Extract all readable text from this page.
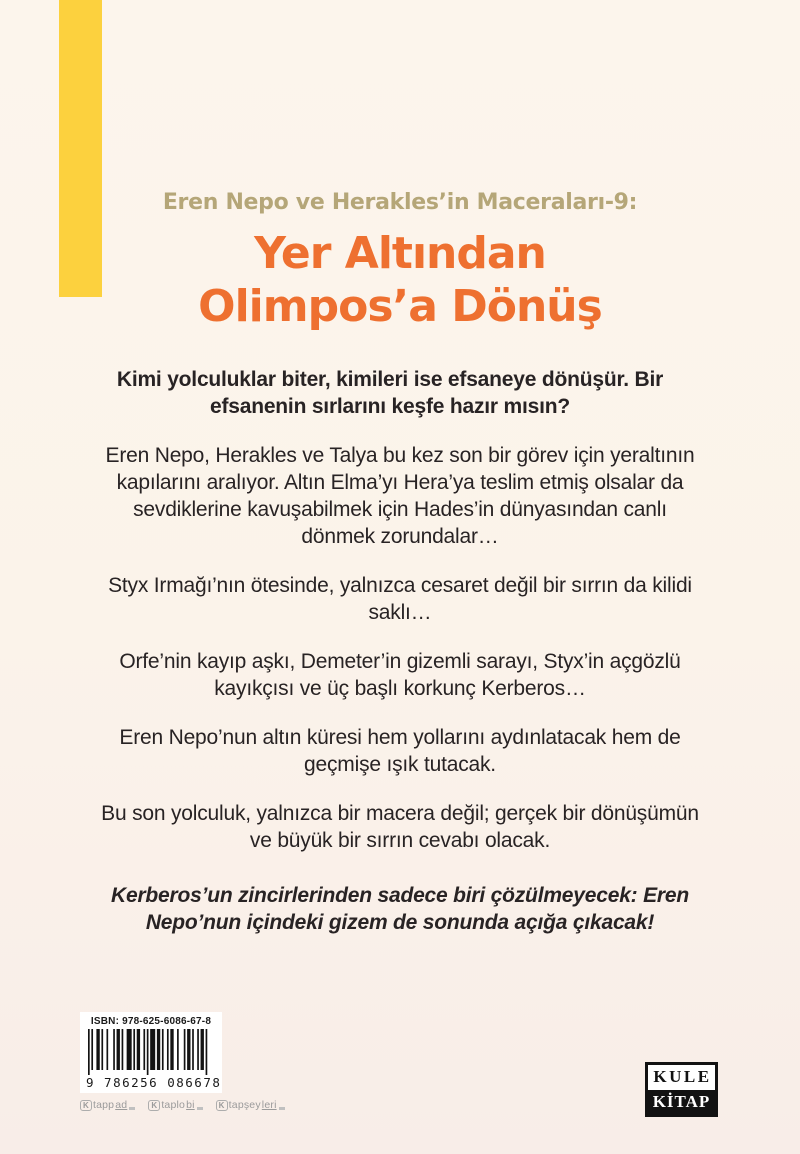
Eren Nepo ve Herakles’in Maceraları-9:
Yer Altından
Olimpos’a Dönüş

Kimi yolculuklar biter, kimileri ise efsaneye dönüşür. Bir efsanenin sırlarını keşfe hazır mısın?

Eren Nepo, Herakles ve Talya bu kez son bir görev için yeraltının kapılarını aralıyor. Altın Elma’yı Hera’ya teslim etmiş olsalar da sevdiklerine kavuşabilmek için Hades’in dünyasından canlı dönmek zorundalar…

Styx Irmağı’nın ötesinde, yalnızca cesaret değil bir sırrın da kilidi saklı…

Orfe’nin kayıp aşkı, Demeter’in gizemli sarayı, Styx’in açgözlü kayıkçısı ve üç başlı korkunç Kerberos…

Eren Nepo’nun altın küresi hem yollarını aydınlatacak hem de geçmişe ışık tutacak.

Bu son yolculuk, yalnızca bir macera değil; gerçek bir dönüşümün ve büyük bir sırrın cevabı olacak.

Kerberos’un zincirlerinden sadece biri çözülmeyecek: Eren Nepo’nun içindeki gizem de sonunda açığa çıkacak!

ISBN: 978-625-6086-67-8
9 786256 086678
K tapp ad	K taplo bi	K tapşey leri
KULE
KİTAP
